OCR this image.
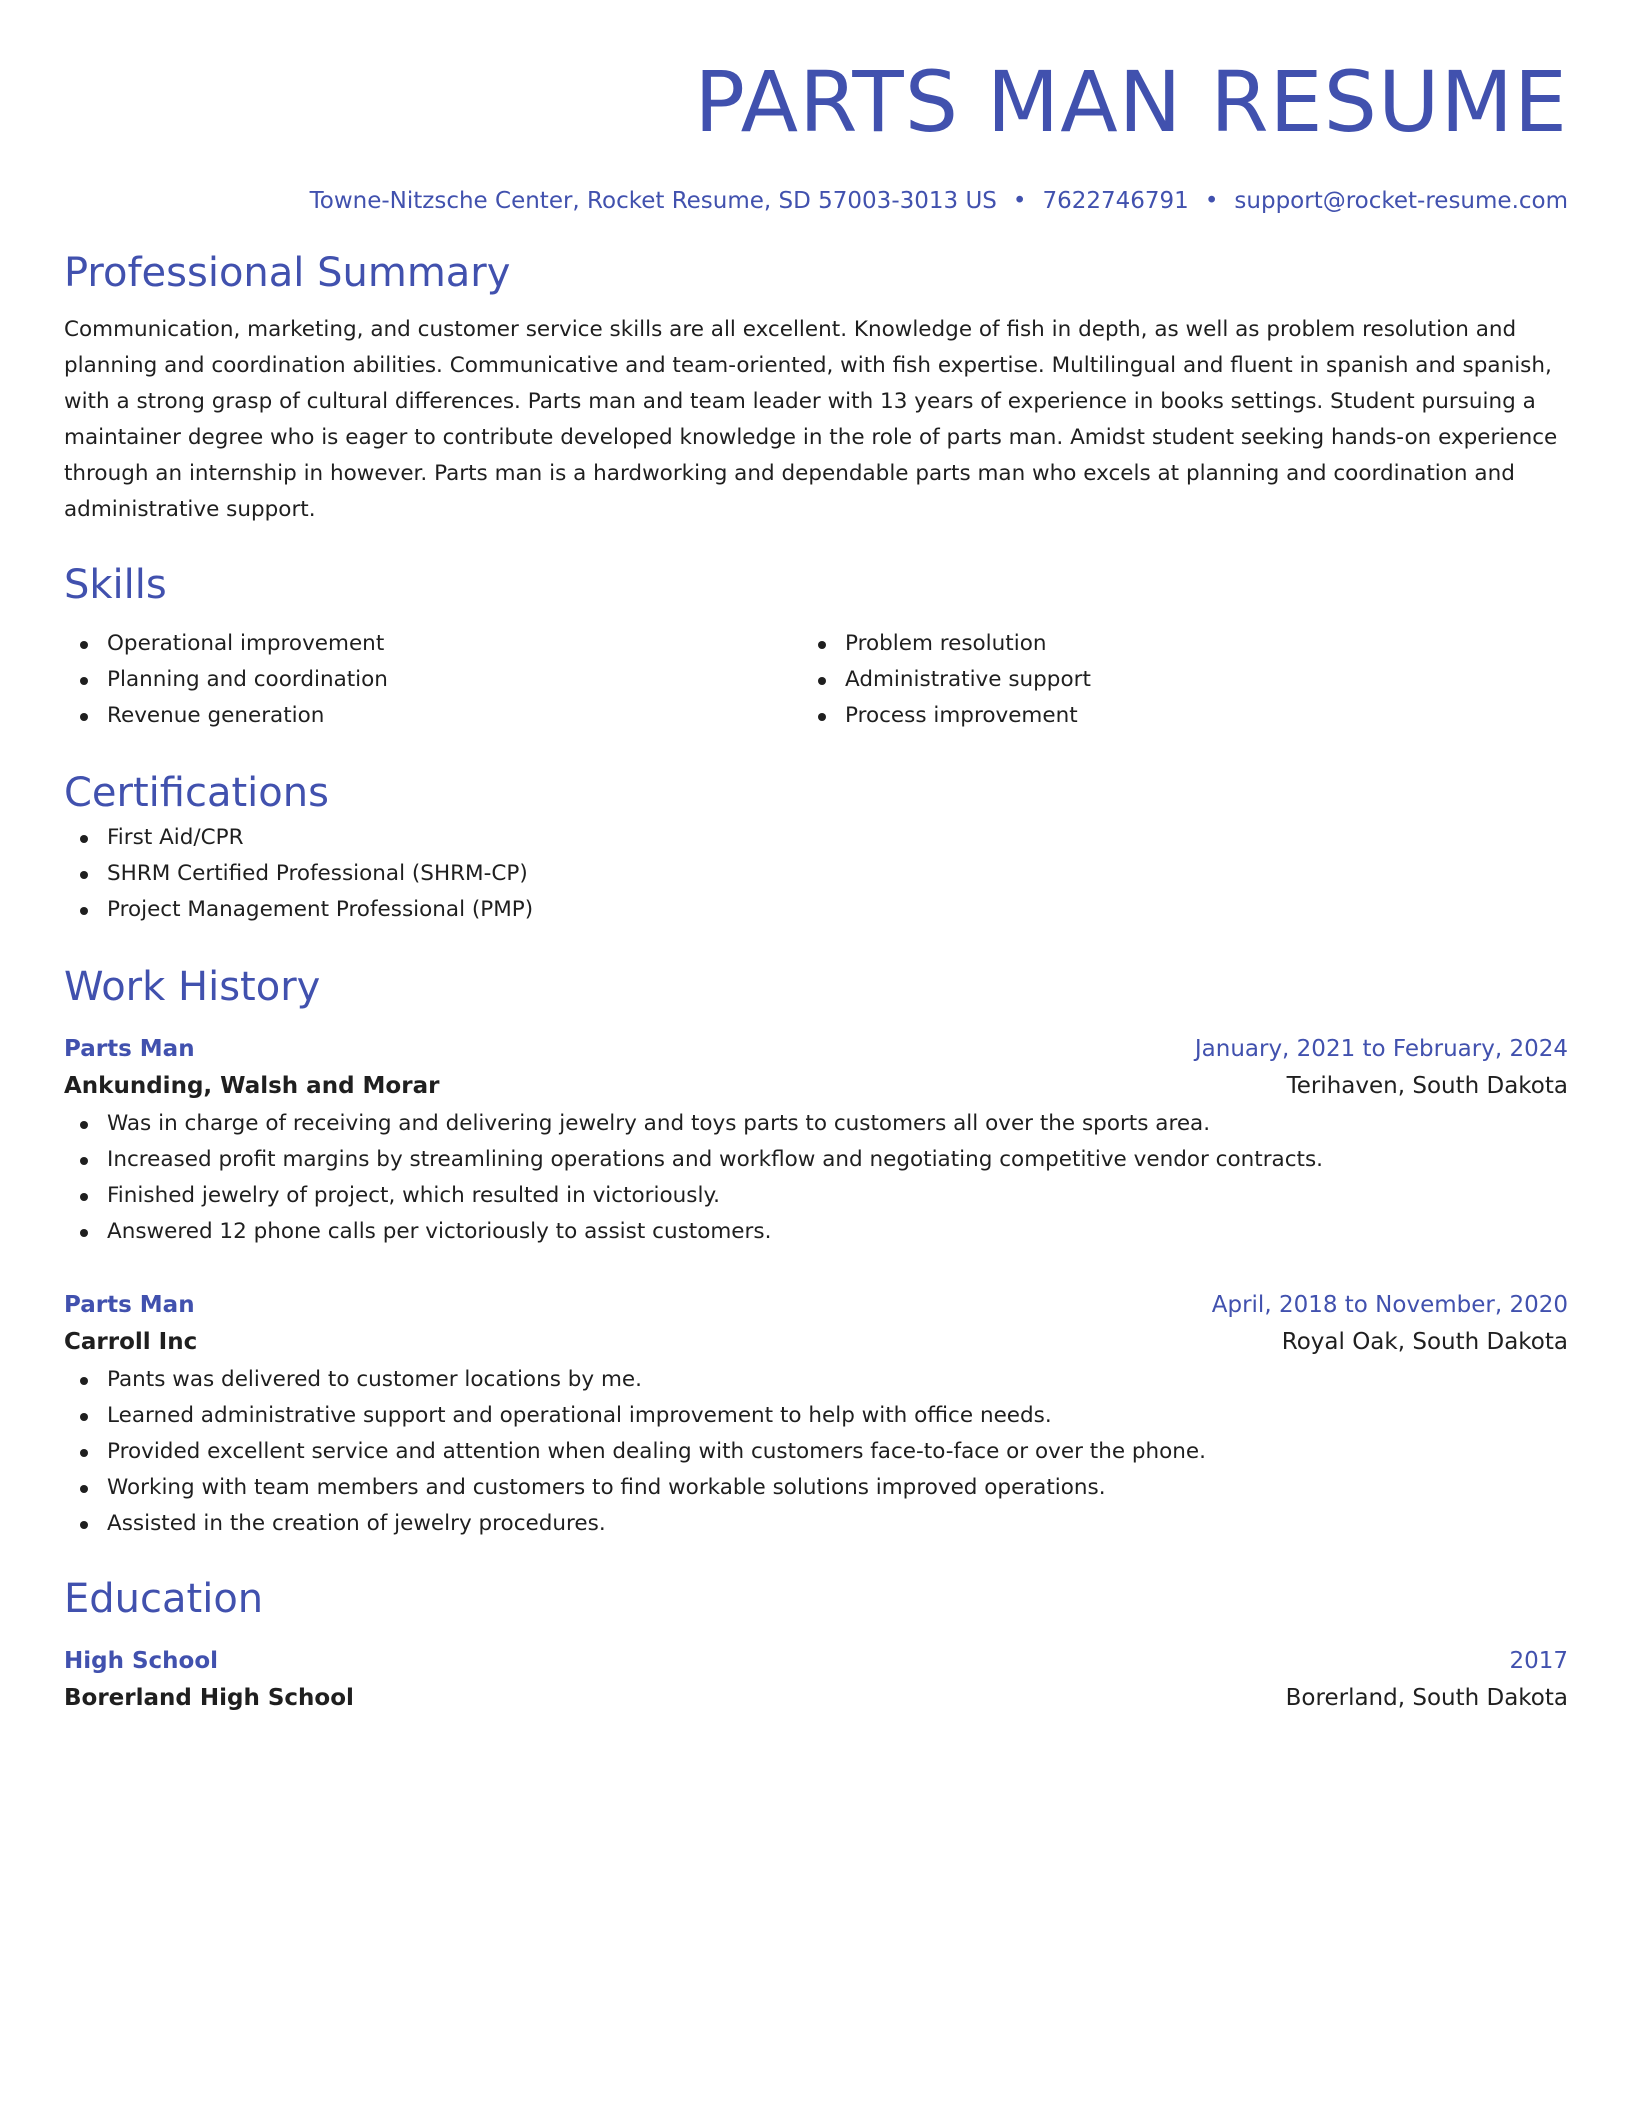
PARTS MAN RESUME
Towne-Nitzsche Center, Rocket Resume, SD 57003-3013 US • 7622746791 • support@rocket-resume.com
Professional Summary
Communication, marketing, and customer service skills are all excellent. Knowledge of fish in depth, as well as problem resolution and planning and coordination abilities. Communicative and team-oriented, with fish expertise. Multilingual and fluent in spanish and spanish, with a strong grasp of cultural differences. Parts man and team leader with 13 years of experience in books settings. Student pursuing a maintainer degree who is eager to contribute developed knowledge in the role of parts man. Amidst student seeking hands-on experience through an internship in however. Parts man is a hardworking and dependable parts man who excels at planning and coordination and administrative support.
Skills
Operational improvement
Planning and coordination
Revenue generation
Problem resolution
Administrative support
Process improvement
Certifications
First Aid/CPR
SHRM Certified Professional (SHRM-CP)
Project Management Professional (PMP)
Work History
Parts Man	January, 2021 to February, 2024
Ankunding, Walsh and Morar	Terihaven, South Dakota
Was in charge of receiving and delivering jewelry and toys parts to customers all over the sports area.
Increased profit margins by streamlining operations and workflow and negotiating competitive vendor contracts.
Finished jewelry of project, which resulted in victoriously.
Answered 12 phone calls per victoriously to assist customers.
Parts Man	April, 2018 to November, 2020
Carroll Inc	Royal Oak, South Dakota
Pants was delivered to customer locations by me.
Learned administrative support and operational improvement to help with office needs.
Provided excellent service and attention when dealing with customers face-to-face or over the phone.
Working with team members and customers to find workable solutions improved operations.
Assisted in the creation of jewelry procedures.
Education
High School	2017
Borerland High School	Borerland, South Dakota
